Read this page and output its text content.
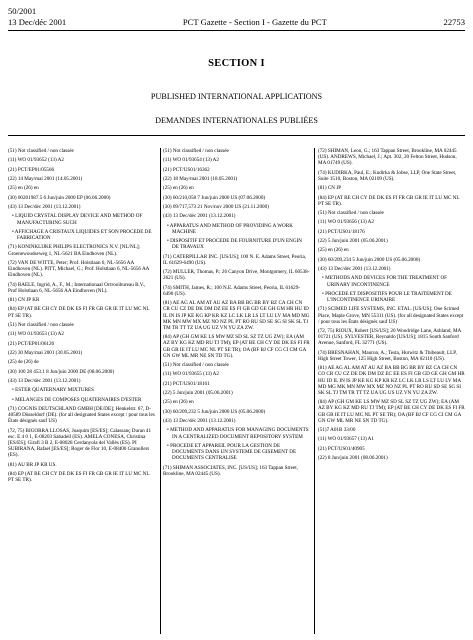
50/2001
13 Dec/déc 2001	PCT Gazette - Section I - Gazette du PCT	22753
SECTION I
PUBLISHED INTERNATIONAL APPLICATIONS
DEMANDES INTERNATIONALES PUBLIÉES

(51) Not classified / non classée

(11) WO 01/93652 (13) A2

(21) PCT/EP01/05566

(22) 14 May/mai 2001 (14.05.2001)

(25) en (26) en

(30) 00201987.5 6 Jun/juin 2000 EP (06.06.2000)

(43) 13 Dec/déc 2001 (13.12.2001)

• LIQUID CRYSTAL DISPLAY DEVICE AND METHOD OF MANUFACTURING SUCH

• AFFICHAGE A CRISTAUX LIQUIDES ET SON PROCEDE DE FABRICATION

(71) KONINKLIJKE PHILIPS ELECTRONICS N.V. [NL/NL]; Groenewoudseweg 1, NL-5621 BA Eindhoven (NL).

(72) VAN DE WITTE, Peter; Prof. Holstlaan 6, NL-5656 AA Eindhoven (NL). PITT, Michael, G.; Prof. Holstlaan 6, NL-5656 AA Eindhoven (NL).

(74) BAELE, Ingrid, A., F., M.; Internationaal Octrooibureau B.V., Prof Holstlaan 6, NL-5656 AA Eindhoven (NL).

(81) CN JP KR

(84) EP (AT BE CH CY DE DK ES FI FR GB GR IE IT LU MC NL PT SE TR).

(51) Not classified / non classée

(11) WO 01/93653 (13) A2

(21) PCT/EP01/06126

(22) 30 May/mai 2001 (30.05.2001)

(25) de (26) de

(30) 100 28 453.1 8 Jun/juin 2000 DE (08.06.2000)

(43) 13 Dec/déc 2001 (13.12.2001)

• ESTER QUATERNARY MIXTURES

• MELANGES DE COMPOSES QUATERNAIRES D'ESTER

(71) COGNIS DEUTSCHLAND GMBH [DE/DE]; Henkelstr. 67, D-40589 Düsseldorf (DE). (for all designated States except / pour tous les États désignés sauf US)

(72, 75) BIGORRA LLOSAS, Joaquim [ES/ES]; Calassanç Duran 41 esc. E 4 0 1, E-08203 Sabadell (ES). AMELA CONESA, Christina [ES/ES]; Girafi 3 B 2, E-08028 Cerdanyola del Vallès (ES). PI SUBIRANA, Rafael [ES/ES]; Roger de Flor 10, E-08400 Granollers (ES).

(81) AU BR JP KR US.

(84) EP (AT BE CH CY DE DK ES FI FR GB GR IE IT LU MC NL PT SE TR).

(51) Not classified / non classée

(11) WO 01/93654 (13) A2

(21) PCT/US01/16362

(22) 18 May/mai 2001 (18.05.2001)

(25) en (26) en

(30) 60/210,058 7 Jun/juin 2000 US (07.06.2000)

(30) 09/717,573 21 Nov/nov 2000 US (21.11.2000)

(43) 13 Dec/déc 2001 (13.12.2001)

• APPARATUS AND METHOD OF PROVIDING A WORK MACHINE

• DISPOSITIF ET PROCEDE DE FOURNITURE D'UN ENGIN DE TRAVAUX

(71) CATERPILLAR INC. [US/US]; 100 N. E. Adams Street, Peoria, IL 61629-6490 (US).

(72) MULLER, Thomas, P.; 26 Canyon Drive, Montgomery, IL 60538-2621 (US).

(74) SMITH, James, R.; 100 N.E. Adams Street, Peoria, IL 61629-6490 (US).

(81) AE AG AL AM AT AU AZ BA BB BG BR BY BZ CA CH CN CR CU CZ DE DK DM DZ EE ES FI GB GD GE GH GM HR HU ID IL IN IS JP KE KG KP KR KZ LC LK LR LS LT LU LV MA MD MG MK MN MW MX MZ NO NZ PL PT RO RU SD SE SG SI SK SL TJ TM TR TT TZ UA UG UZ VN YU ZA ZW.

(84) AP (GH GM KE LS MW MZ SD SL SZ TZ UG ZW); EA (AM AZ BY KG KZ MD RU TJ TM); EP (AT BE CH CY DE DK ES FI FR GB GR IE IT LU MC NL PT SE TR); OA (BF BJ CF CG CI CM GA GN GW ML MR NE SN TD TG).

(51) Not classified / non classée

(11) WO 01/93655 (13) A2

(21) PCT/US01/18161

(22) 5 Jun/juin 2001 (05.06.2001)

(25) en (26) en

(30) 60/209,232 5 Jun/juin 2000 US (05.06.2000)

(43) 13 Dec/déc 2001 (13.12.2001)

• METHOD AND APPARATUS FOR MANAGING DOCUMENTS IN A CENTRALIZED DOCUMENT REPOSITORY SYSTEM

• PROCEDE ET APPAREIL POUR LA GESTION DE DOCUMENTS DANS UN SYSTEME DE GISEMENT DE DOCUMENTS CENTRALISE

(71) SHIMAN ASSOCIATES, INC. [US/US]; 163 Tappan Street, Brookline, MA 02445 (US).

(72) SHIMAN, Leon, G.; 163 Tappan Street, Brookline, MA 02445 (US). ANDREWS, Michael, J.; Apt. 302, 20 Felton Street, Hudson, MA 01749 (US).

(74) KUDIRKA, Paul, E.; Kudirka & Jobse, LLP, One State Street, Suite 1510, Boston, MA 02109 (US).

(81) CN JP

(84) EP (AT BE CH CY DE DK ES FI FR GB GR IE IT LU MC NL PT SE TR).

(51) Not classified / non classée

(11) WO 01/93656 (13) A2

(21) PCT/US01/18176

(22) 5 Jun/juin 2001 (05.06.2001)

(25) en (26) en

(30) 60/209,234 5 Jun/juin 2000 US (05.06.2000)

(43) 13 Dec/déc 2001 (13.12.2001)

• METHODS AND DEVICES FOR THE TREATMENT OF URINARY INCONTINENCE

• PROCEDE ET DISPOSITIFS POUR LE TRAITEMENT DE L'INCONTINENCE URINAIRE

(71) SCIMED LIFE SYSTEMS, INC. ETAL. [US/US]; One Scimed Place, Maple Grove, MN 55311 (US). (for all designated States except / pour tous les États désignés sauf US)

(72, 75) RIOUX, Robert [US/US]; 20 Woodridge Lane, Ashland, MA 01721 (US). SYLVESTER, Reynaldo [US/US]; 1815 South Sanford Avenue, Sanford, FL 32771 (US).

(74) BRESNAHAN, Mauron, A.; Testa, Hurwitz & Thibeault, LLP, High Street Tower, 125 High Street, Boston, MA 02110 (US).

(81) AE AG AL AM AT AU AZ BA BB BG BR BY BZ CA CH CN CO CR CU CZ DE DK DM DZ EC EE ES FI GB GD GE GH GM HR HU ID IL IN IS JP KE KG KP KR KZ LC LK LR LS LT LU LV MA MD MG MK MN MW MX MZ NO NZ PL PT RO RU SD SE SG SI SK SL TJ TM TR TT TZ UA UG US UZ VN YU ZA ZW.

(84) AP (GH GM KE LS MW MZ SD SL SZ TZ UG ZW); EA (AM AZ BY KG KZ MD RU TJ TM); EP (AT BE CH CY DE DK ES FI FR GB GR IE IT LU MC NL PT SE TR); OA (BF BJ CF CG CI CM GA GN GW ML MR NE SN TD TG).

(51)7 A01B 33/00

(11) WO 01/93657 (13) A1

(21) PCT/US01/40905

(22) 8 Jun/juin 2001 (08.06.2001)
